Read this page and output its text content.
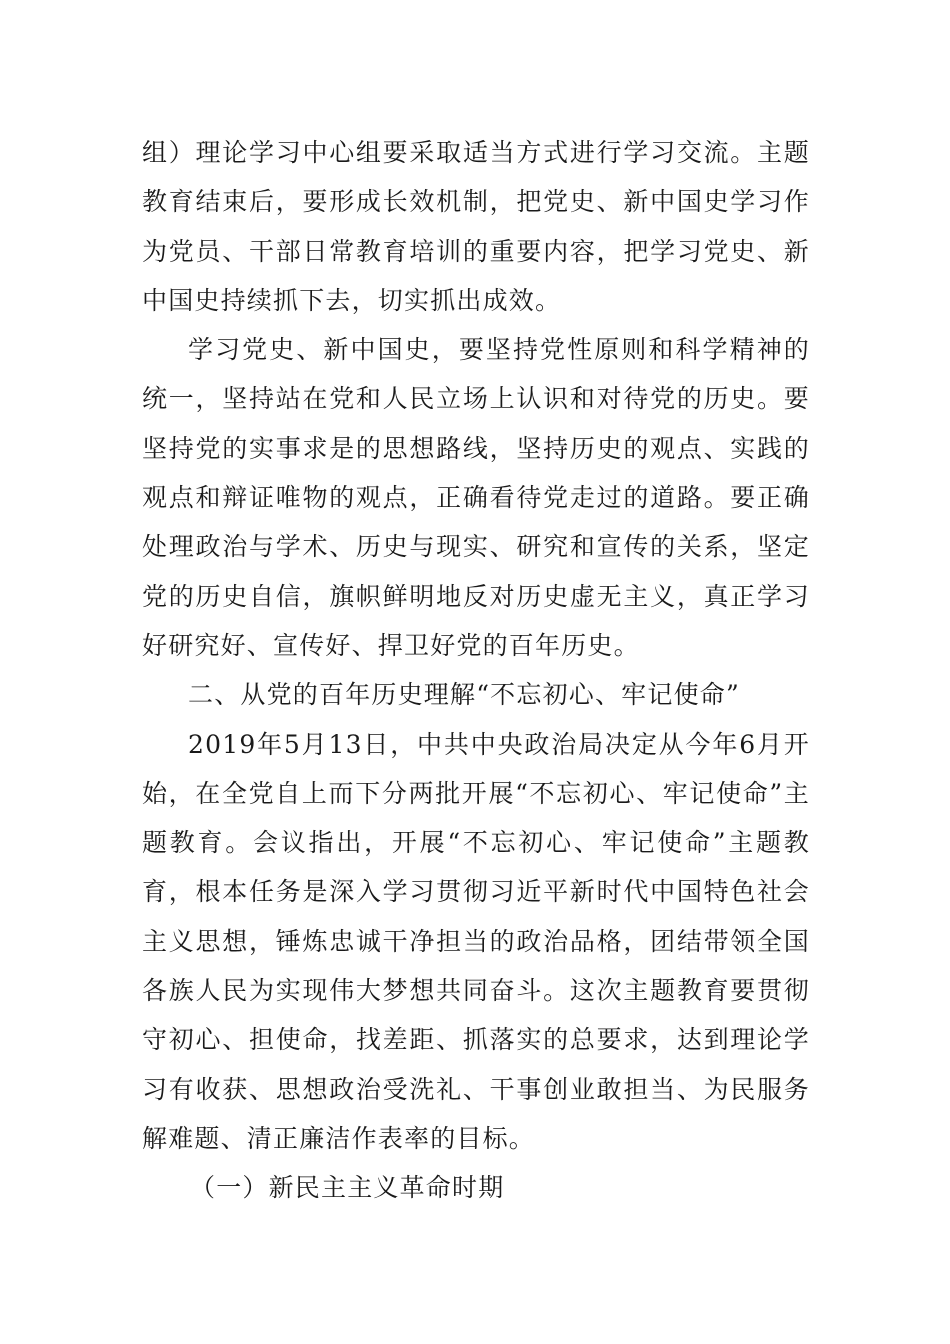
组）理论学习中心组要采取适当方式进行学习交流。主题教育结束后，要形成长效机制，把党史、新中国史学习作为党员、干部日常教育培训的重要内容，把学习党史、新中国史持续抓下去，切实抓出成效。

学习党史、新中国史，要坚持党性原则和科学精神的统一，坚持站在党和人民立场上认识和对待党的历史。要坚持党的实事求是的思想路线，坚持历史的观点、实践的观点和辩证唯物的观点，正确看待党走过的道路。要正确处理政治与学术、历史与现实、研究和宣传的关系，坚定党的历史自信，旗帜鲜明地反对历史虚无主义，真正学习好研究好、宣传好、捍卫好党的百年历史。

二、从党的百年历史理解“不忘初心、牢记使命”

2019年5月13日，中共中央政治局决定从今年6月开始，在全党自上而下分两批开展“不忘初心、牢记使命”主题教育。会议指出，开展“不忘初心、牢记使命”主题教育，根本任务是深入学习贯彻习近平新时代中国特色社会主义思想，锤炼忠诚干净担当的政治品格，团结带领全国各族人民为实现伟大梦想共同奋斗。这次主题教育要贯彻守初心、担使命，找差距、抓落实的总要求，达到理论学习有收获、思想政治受洗礼、干事创业敢担当、为民服务解难题、清正廉洁作表率的目标。

（一）新民主主义革命时期
